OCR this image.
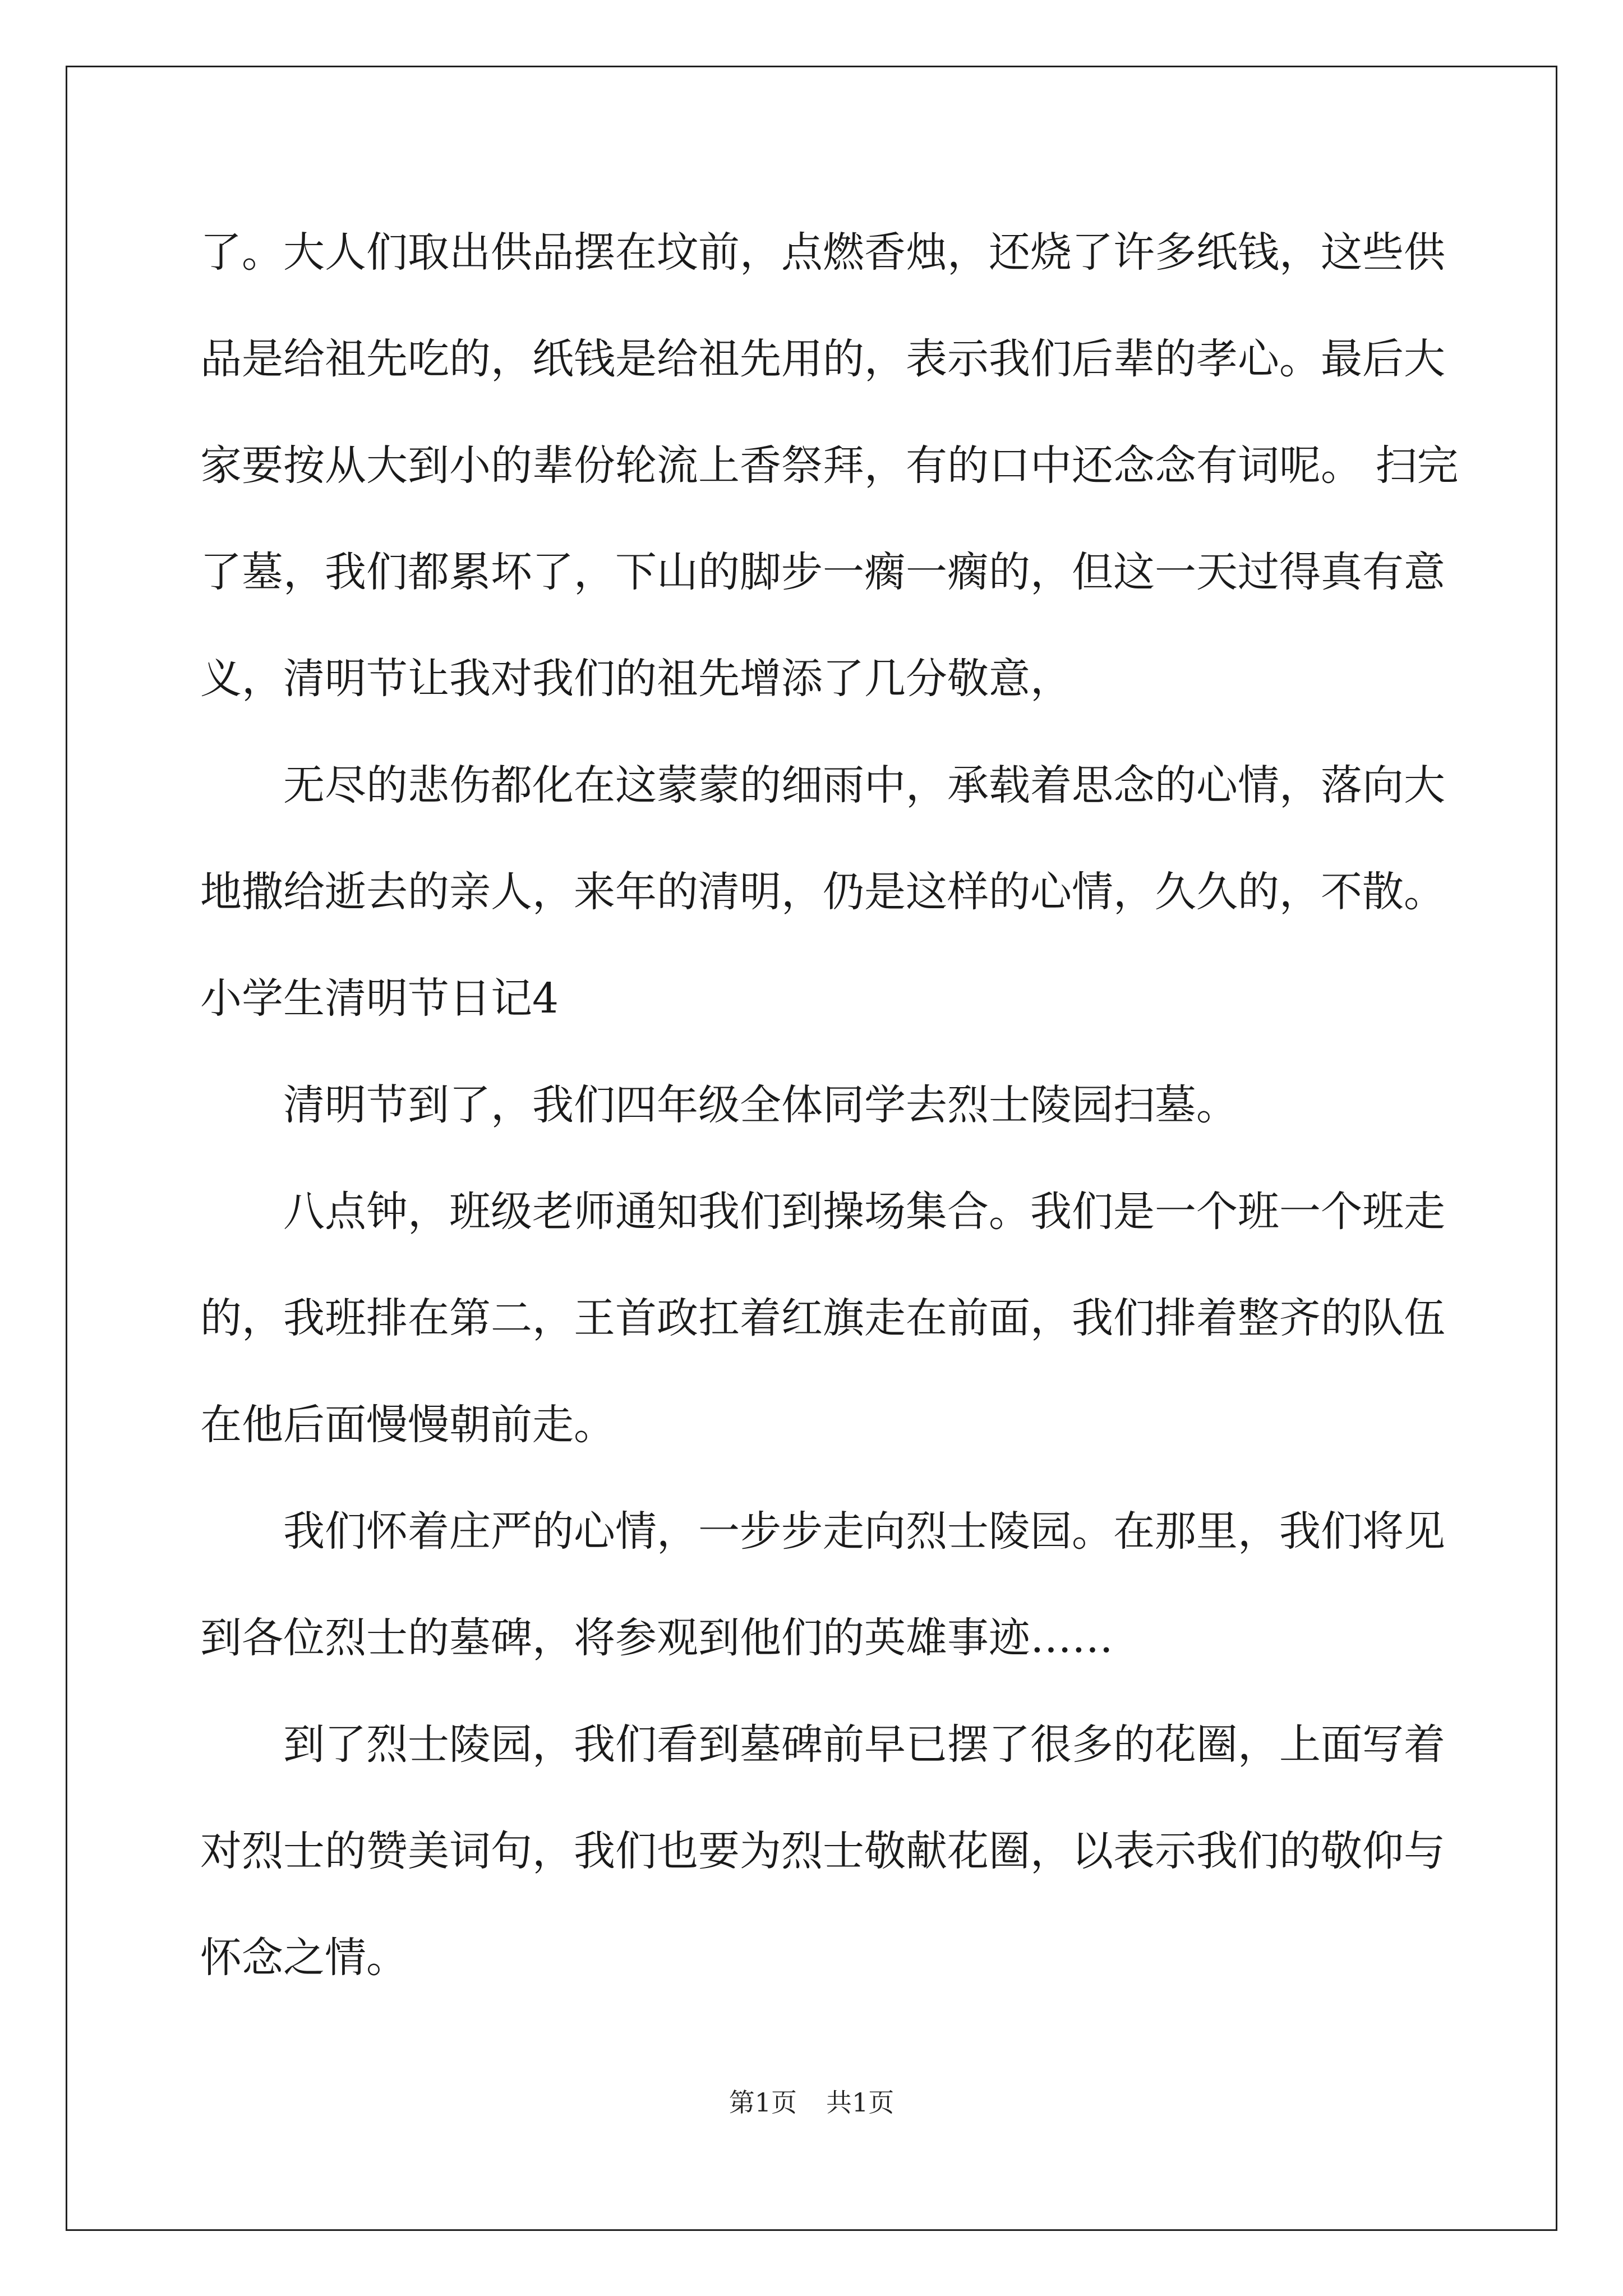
了。大人们取出供品摆在坟前，点燃香烛，还烧了许多纸钱，这些供
品是给祖先吃的，纸钱是给祖先用的，表示我们后辈的孝心。最后大
家要按从大到小的辈份轮流上香祭拜，有的口中还念念有词呢。 扫完
了墓，我们都累坏了，下山的脚步一瘸一瘸的，但这一天过得真有意
义，清明节让我对我们的祖先增添了几分敬意，
无尽的悲伤都化在这蒙蒙的细雨中，承载着思念的心情，落向大
地撒给逝去的亲人，来年的清明，仍是这样的心情，久久的，不散。
小学生清明节日记4
清明节到了，我们四年级全体同学去烈士陵园扫墓。
八点钟，班级老师通知我们到操场集合。我们是一个班一个班走
的，我班排在第二，王首政扛着红旗走在前面，我们排着整齐的队伍
在他后面慢慢朝前走。
我们怀着庄严的心情，一步步走向烈士陵园。在那里，我们将见
到各位烈士的墓碑，将参观到他们的英雄事迹……
到了烈士陵园，我们看到墓碑前早已摆了很多的花圈，上面写着
对烈士的赞美词句，我们也要为烈士敬献花圈，以表示我们的敬仰与
怀念之情。
第1页 共1页
